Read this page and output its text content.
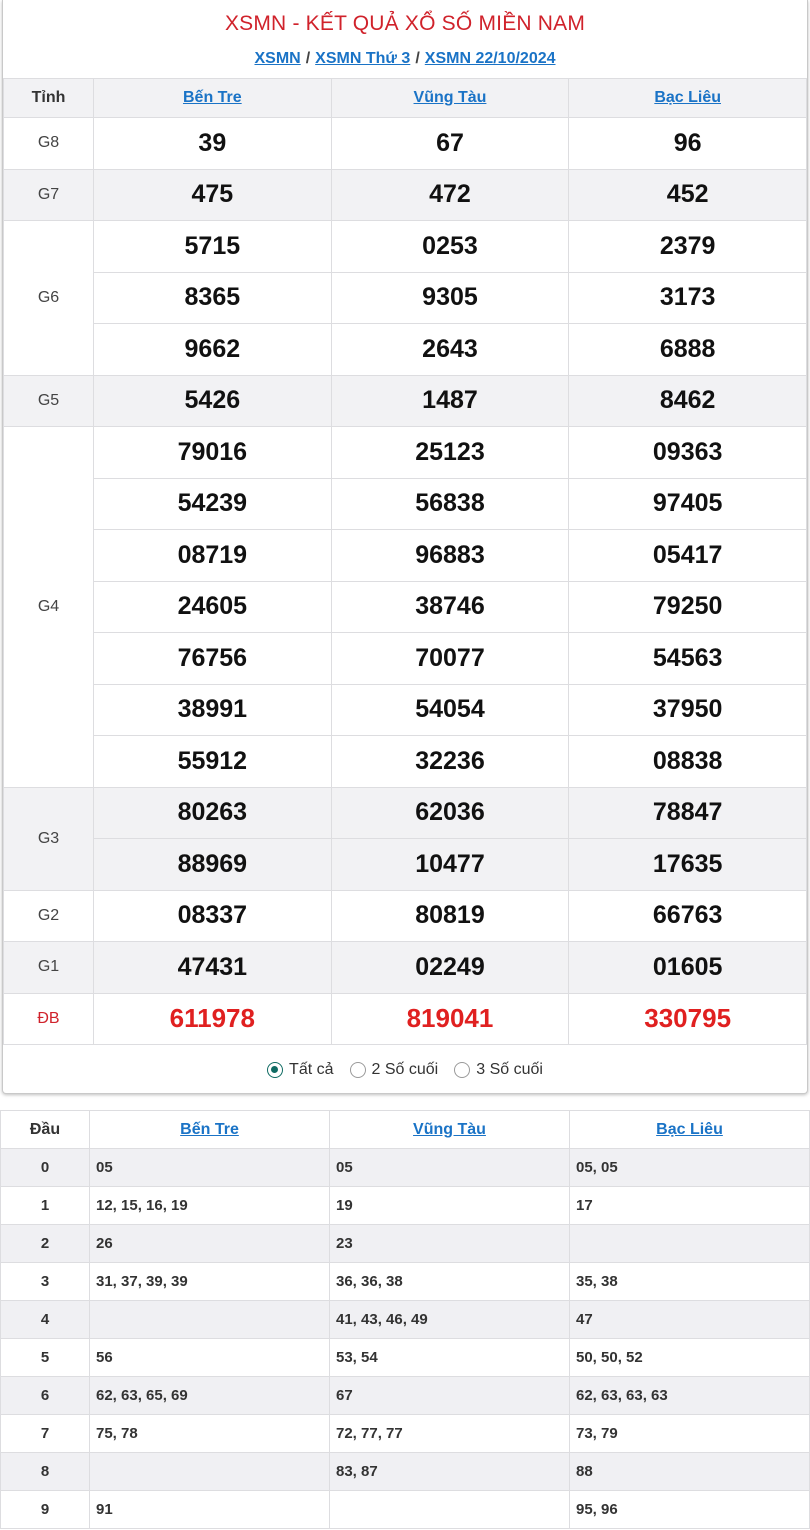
XSMN - KẾT QUẢ XỔ SỐ MIỀN NAM
XSMN / XSMN Thứ 3 / XSMN 22/10/2024
Tỉnh	Bến Tre	Vũng Tàu	Bạc Liêu
G8	39	67	96
G7	475	472	452
G6	5715	0253	2379
	8365	9305	3173
	9662	2643	6888
G5	5426	1487	8462
G4	79016	25123	09363
	54239	56838	97405
	08719	96883	05417
	24605	38746	79250
	76756	70077	54563
	38991	54054	37950
	55912	32236	08838
G3	80263	62036	78847
	88969	10477	17635
G2	08337	80819	66763
G1	47431	02249	01605
ĐB	611978	819041	330795
Tất cả 2 Số cuối 3 Số cuối
Đầu	Bến Tre	Vũng Tàu	Bạc Liêu
0	05	05	05, 05
1	12, 15, 16, 19	19	17
2	26	23	
3	31, 37, 39, 39	36, 36, 38	35, 38
4		41, 43, 46, 49	47
5	56	53, 54	50, 50, 52
6	62, 63, 65, 69	67	62, 63, 63, 63
7	75, 78	72, 77, 77	73, 79
8		83, 87	88
9	91		95, 96
